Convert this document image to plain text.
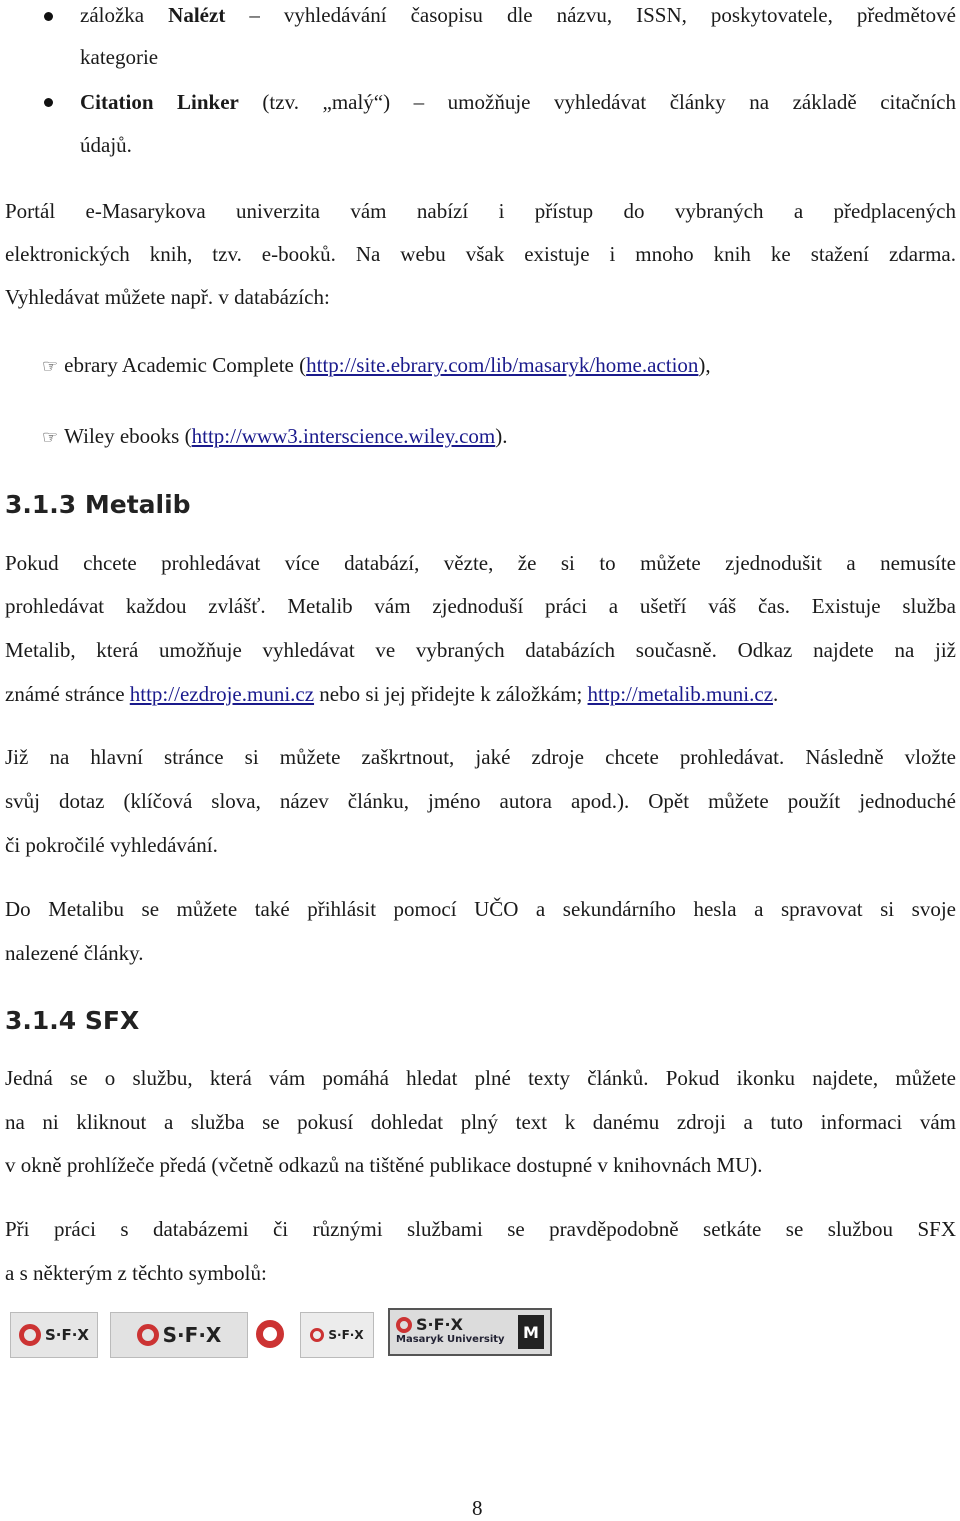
záložka Nalézt – vyhledávání časopisu dle názvu, ISSN, poskytovatele, předmětové
kategorie
Citation Linker (tzv. „malý“) – umožňuje vyhledávat články na základě citačních
údajů.
Portál e-Masarykova univerzita vám nabízí i přístup do vybraných a předplacených
elektronických knih, tzv. e-booků. Na webu však existuje i mnoho knih ke stažení zdarma.
Vyhledávat můžete např. v databázích:
☞ ebrary Academic Complete (http://site.ebrary.com/lib/masaryk/home.action),
☞ Wiley ebooks (http://www3.interscience.wiley.com).
3.1.3 Metalib
Pokud chcete prohledávat více databází, vězte, že si to můžete zjednodušit a nemusíte
prohledávat každou zvlášť. Metalib vám zjednoduší práci a ušetří váš čas. Existuje služba
Metalib, která umožňuje vyhledávat ve vybraných databázích současně. Odkaz najdete na již
známé stránce http://ezdroje.muni.cz nebo si jej přidejte k záložkám; http://metalib.muni.cz.
Již na hlavní stránce si můžete zaškrtnout, jaké zdroje chcete prohledávat. Následně vložte
svůj dotaz (klíčová slova, název článku, jméno autora apod.). Opět můžete použít jednoduché
či pokročilé vyhledávání.
Do Metalibu se můžete také přihlásit pomocí UČO a sekundárního hesla a spravovat si svoje
nalezené články.
3.1.4 SFX
Jedná se o službu, která vám pomáhá hledat plné texty článků. Pokud ikonku najdete, můžete
na ni kliknout a služba se pokusí dohledat plný text k danému zdroji a tuto informaci vám
v okně prohlížeče předá (včetně odkazů na tištěné publikace dostupné v knihovnách MU).
Při práci s databázemi či různými službami se pravděpodobně setkáte se službou SFX
a s některým z těchto symbolů:
S·F·X	S·F·X	S·F·X
S·F·X
Masaryk University	M
8
